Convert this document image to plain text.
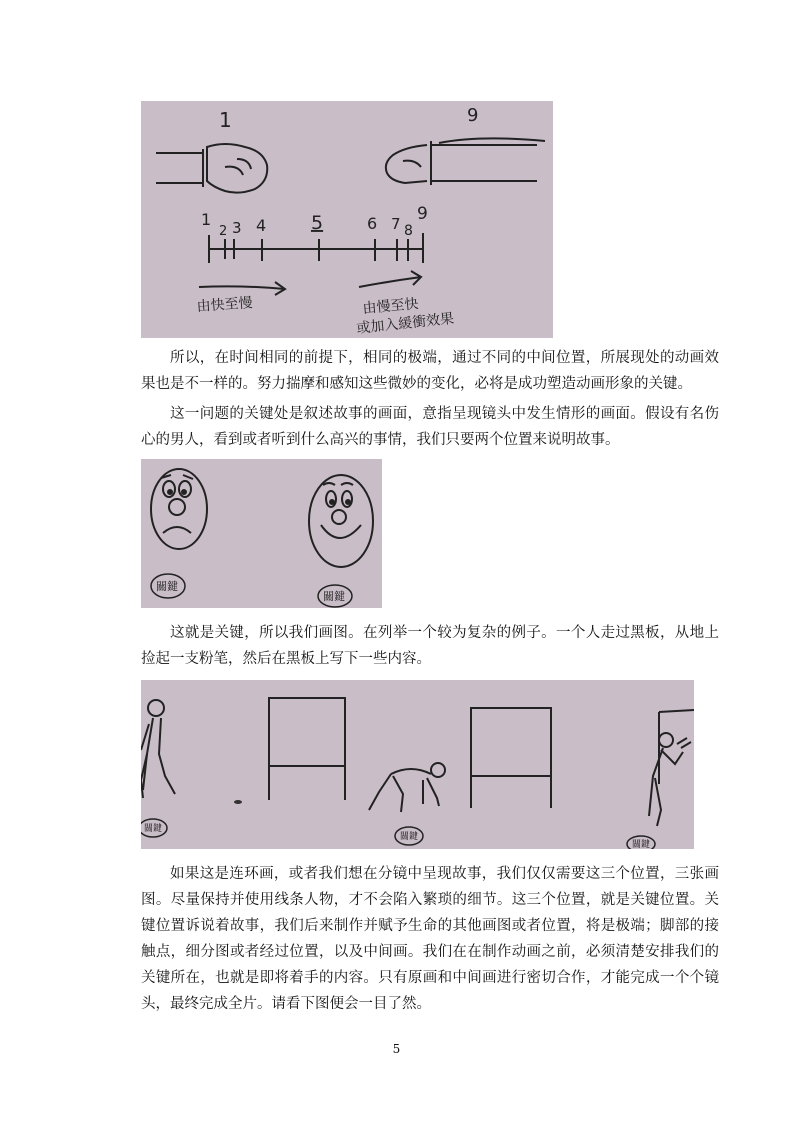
1	9
1
2 3 4 5	6 7 8
9
由快至慢	由慢至快
或加入緩衝效果

所以，在时间相同的前提下，相同的极端，通过不同的中间位置，所展现处的动画效果也是不一样的。努力揣摩和感知这些微妙的变化，必将是成功塑造动画形象的关键。

这一问题的关键处是叙述故事的画面，意指呈现镜头中发生情形的画面。假设有名伤心的男人，看到或者听到什么高兴的事情，我们只要两个位置来说明故事。

關鍵
關鍵

这就是关键，所以我们画图。在列举一个较为复杂的例子。一个人走过黑板，从地上捡起一支粉笔，然后在黑板上写下一些内容。

關鍵
關鍵
關鍵

如果这是连环画，或者我们想在分镜中呈现故事，我们仅仅需要这三个位置，三张画图。尽量保持并使用线条人物，才不会陷入繁琐的细节。这三个位置，就是关键位置。关键位置诉说着故事，我们后来制作并赋予生命的其他画图或者位置，将是极端；脚部的接触点，细分图或者经过位置，以及中间画。我们在在制作动画之前，必须清楚安排我们的关键所在，也就是即将着手的内容。只有原画和中间画进行密切合作，才能完成一个个镜头，最终完成全片。请看下图便会一目了然。

5
